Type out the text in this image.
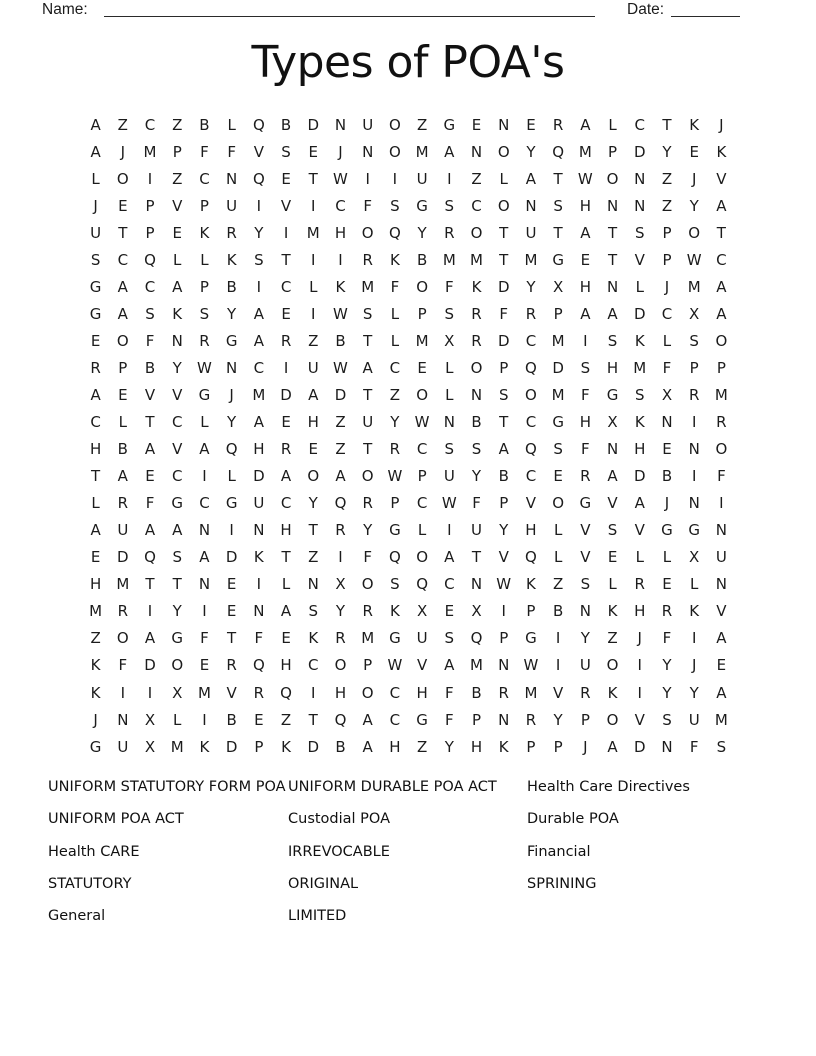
Name:	Date:
Types of POA's
A	Z	C	Z	B	L	Q	B	D	N	U	O	Z	G	E	N	E	R	A	L	C	T	K	J
A	J	M	P	F	F	V	S	E	J	N	O M	A	N	O	Y	Q M	P	D	Y	E	K
L	O	I	Z	C	N	Q	E	T	W	I	I	U	I	Z	L	A	T	W O	N	Z	J	V
J	E	P	V	P	U	I	V	I	C	F	S	G	S	C	O	N	S	H	N	N	Z	Y	A
U	T	P	E	K	R	Y	I	M	H	O	Q	Y	R	O	T	U	T	A	T	S	P	O	T
S	C	Q	L	L	K	S	T	I	I	R	K	B	M M	T	M G	E	T	V	P	W C
G	A	C	A	P	B	I	C	L	K	M	F	O	F	K	D	Y	X	H	N	L	J	M	A
G	A	S	K	S	Y	A	E	I	W	S	L	P	S	R	F	R	P	A	A	D	C	X	A
E	O	F	N	R	G	A	R	Z	B	T	L	M	X	R	D	C	M	I	S	K	L	S	O
R	P	B	Y	W N	C	I	U W A	C	E	L	O	P	Q	D	S	H	M	F	P	P
A	E	V	V	G	J	M D	A	D	T	Z	O	L	N	S	O M	F	G	S	X	R	M
C	L	T	C	L	Y	A	E	H	Z	U	Y	W N	B	T	C	G	H	X	K	N	I	R
H	B	A	V	A	Q	H	R	E	Z	T	R	C	S	S	A	Q	S	F	N	H	E	N	O
T	A	E	C	I	L	D	A	O	A	O W	P	U	Y	B	C	E	R	A	D	B	I	F
L	R	F	G	C	G	U	C	Y	Q	R	P	C W	F	P	V	O	G	V	A	J	N	I
A	U	A	A	N	I	N	H	T	R	Y	G	L	I	U	Y	H	L	V	S	V	G	G	N
E	D	Q	S	A	D	K	T	Z	I	F	Q	O	A	T	V	Q	L	V	E	L	L	X	U
H	M	T	T	N	E	I	L	N	X	O	S	Q	C	N W K	Z	S	L	R	E	L	N
M	R	I	Y	I	E	N	A	S	Y	R	K	X	E	X	I	P	B	N	K	H	R	K	V
Z	O	A	G	F	T	F	E	K	R	M G	U	S	Q	P	G	I	Y	Z	J	F	I	A
K	F	D	O	E	R	Q	H	C	O	P	W V	A	M	N W	I	U	O	I	Y	J	E
K	I	I	X	M	V	R	Q	I	H	O	C	H	F	B	R	M	V	R	K	I	Y	Y	A
J	N	X	L	I	B	E	Z	T	Q	A	C	G	F	P	N	R	Y	P	O	V	S	U	M
G	U	X	M	K	D	P	K	D	B	A	H	Z	Y	H	K	P	P	J	A	D	N	F	S
UNIFORM STATUTORY FORM POA
UNIFORM POA ACT
Health CARE
STATUTORY
General
UNIFORM DURABLE POA ACT
Custodial POA
IRREVOCABLE
ORIGINAL
LIMITED
Health Care Directives
Durable POA
Financial
SPRINING
